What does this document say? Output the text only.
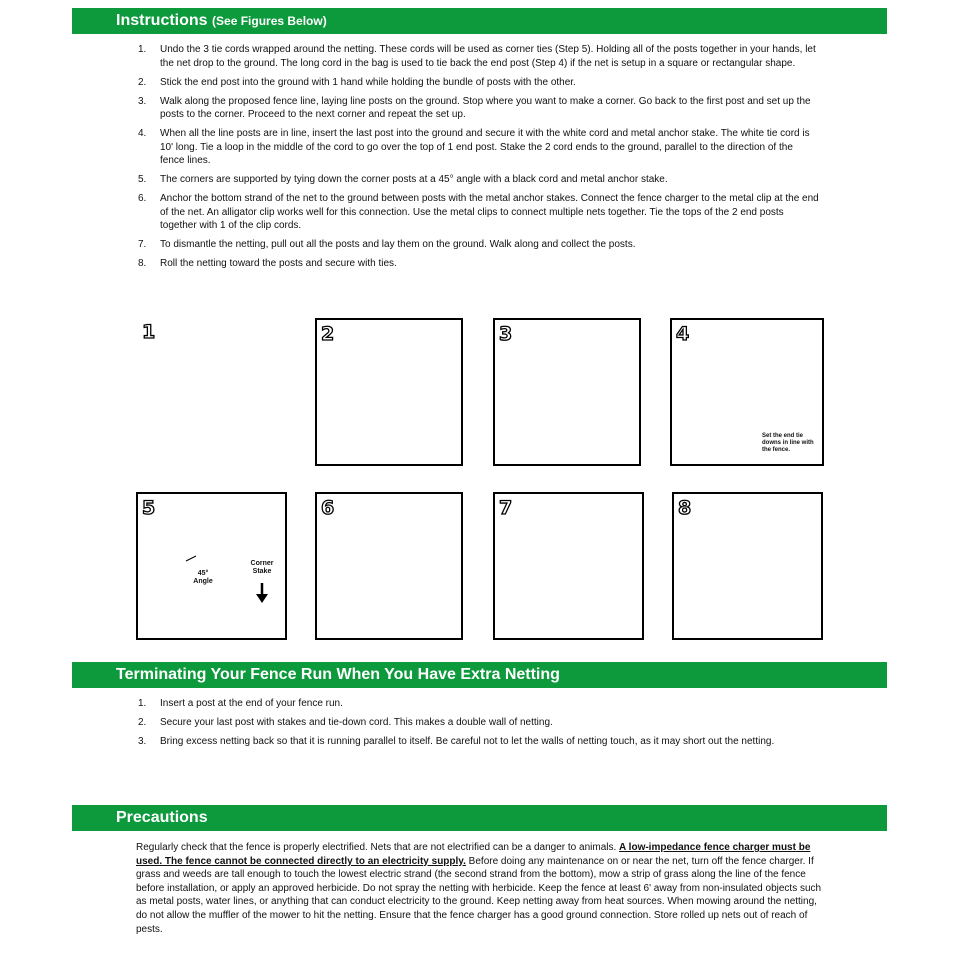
Instructions (See Figures Below)
1. Undo the 3 tie cords wrapped around the netting. These cords will be used as corner ties (Step 5). Holding all of the posts together in your hands, let the net drop to the ground. The long cord in the bag is used to tie back the end post (Step 4) if the net is setup in a square or rectangular shape.
2. Stick the end post into the ground with 1 hand while holding the bundle of posts with the other.
3. Walk along the proposed fence line, laying line posts on the ground. Stop where you want to make a corner. Go back to the first post and set up the posts to the corner. Proceed to the next corner and repeat the set up.
4. When all the line posts are in line, insert the last post into the ground and secure it with the white cord and metal anchor stake. The white tie cord is 10' long. Tie a loop in the middle of the cord to go over the top of 1 end post. Stake the 2 cord ends to the ground, parallel to the direction of the fence lines.
5. The corners are supported by tying down the corner posts at a 45° angle with a black cord and metal anchor stake.
6. Anchor the bottom strand of the net to the ground between posts with the metal anchor stakes. Connect the fence charger to the metal clip at the end of the net. An alligator clip works well for this connection. Use the metal clips to connect multiple nets together. Tie the tops of the 2 end posts together with 1 of the clip cords.
7. To dismantle the netting, pull out all the posts and lay them on the ground. Walk along and collect the posts.
8. Roll the netting toward the posts and secure with ties.
1	2	3	4
Set the end tie downs in line with the fence.
5
45°
Angle
Corner
Stake
6	7	8
Terminating Your Fence Run When You Have Extra Netting
1. Insert a post at the end of your fence run.
2. Secure your last post with stakes and tie-down cord. This makes a double wall of netting.
3. Bring excess netting back so that it is running parallel to itself. Be careful not to let the walls of netting touch, as it may short out the netting.
Precautions

Regularly check that the fence is properly electrified. Nets that are not electrified can be a danger to animals. A low-impedance fence charger must be used. The fence cannot be connected directly to an electricity supply. Before doing any maintenance on or near the net, turn off the fence charger. If grass and weeds are tall enough to touch the lowest electric strand (the second strand from the bottom), mow a strip of grass along the line of the fence before installation, or apply an approved herbicide. Do not spray the netting with herbicide. Keep the fence at least 6' away from non-insulated objects such as metal posts, water lines, or anything that can conduct electricity to the ground. Keep netting away from heat sources. When mowing around the netting, do not allow the muffler of the mower to hit the netting. Ensure that the fence charger has a good ground connection. Store rolled up nets out of reach of pests.
